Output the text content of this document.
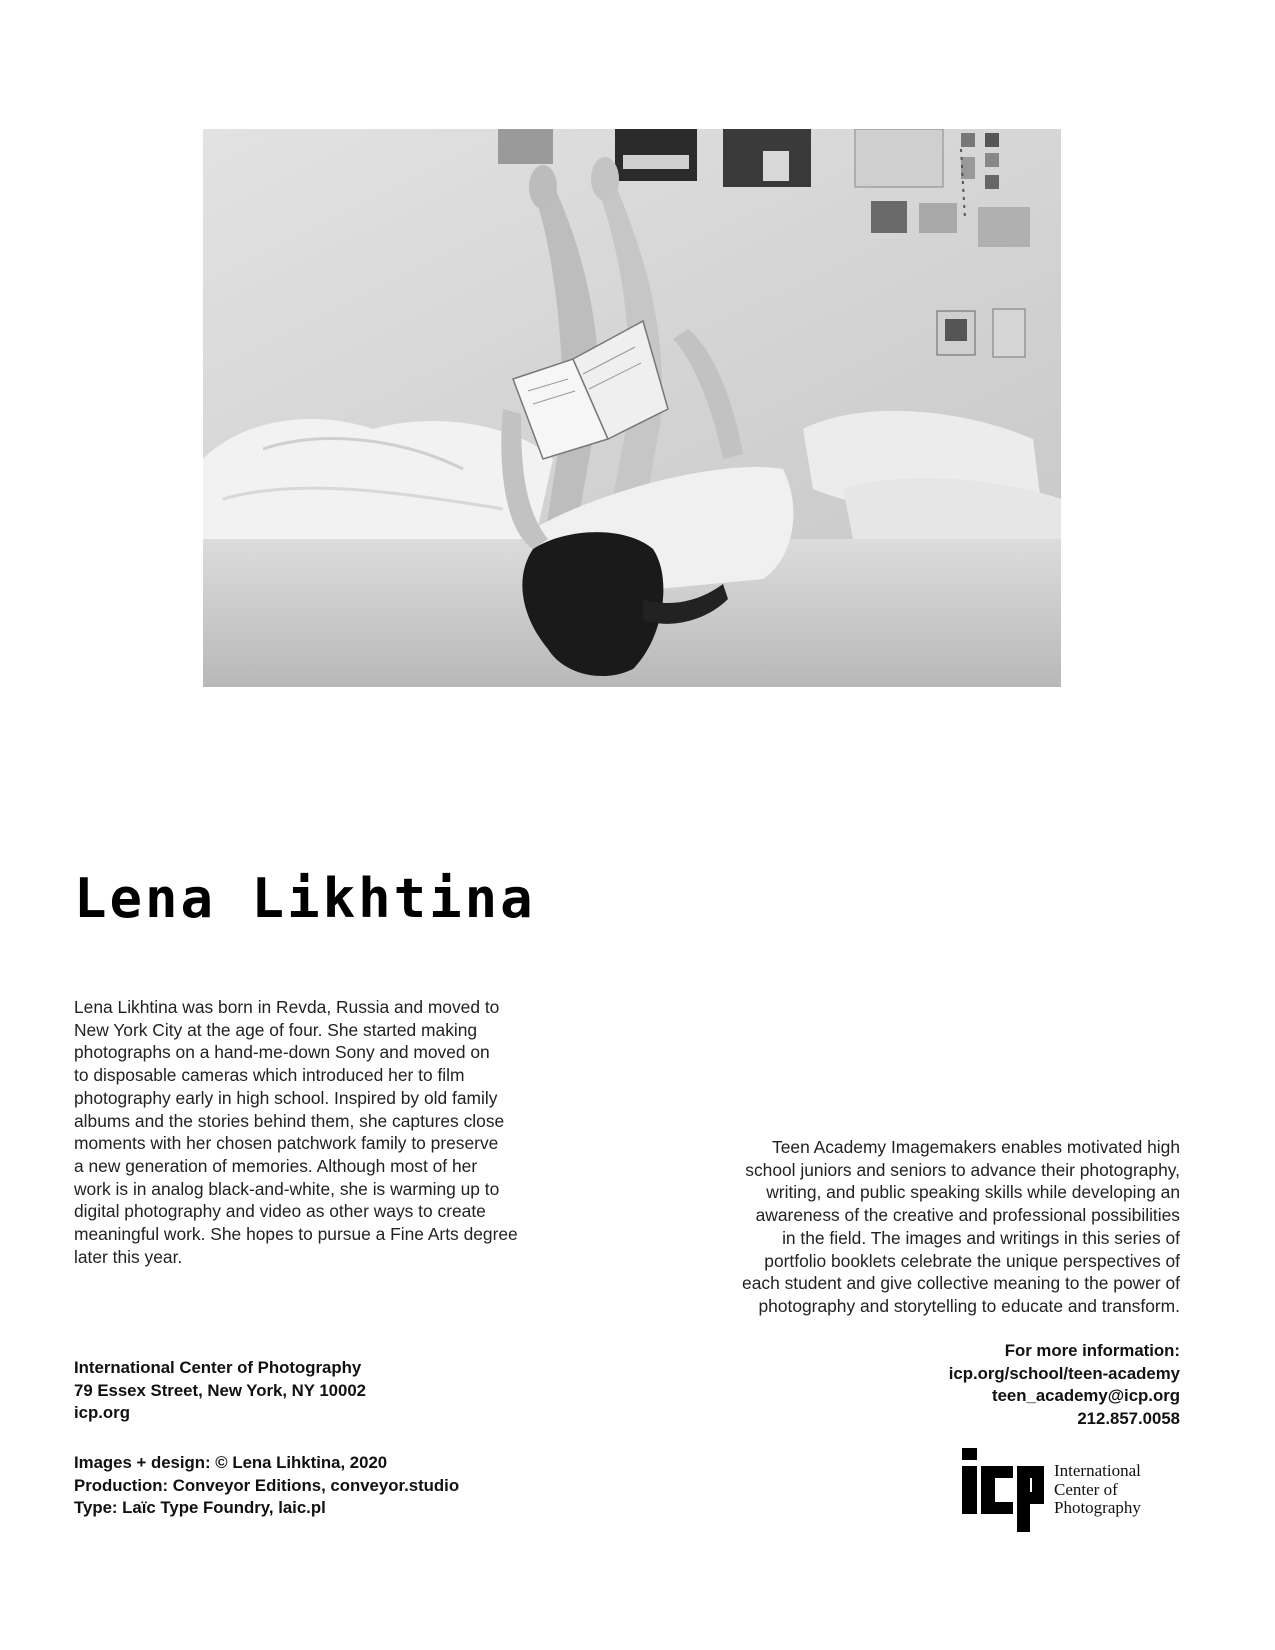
Lena Likhtina

Lena Likhtina was born in Revda, Russia and moved to
New York City at the age of four. She started making
photographs on a hand-me-down Sony and moved on
to disposable cameras which introduced her to film
photography early in high school. Inspired by old family
albums and the stories behind them, she captures close
moments with her chosen patchwork family to preserve
a new generation of memories. Although most of her
work is in analog black-and-white, she is warming up to
digital photography and video as other ways to create
meaningful work. She hopes to pursue a Fine Arts degree
later this year.

Teen Academy Imagemakers enables motivated high
school juniors and seniors to advance their photography,
writing, and public speaking skills while developing an
awareness of the creative and professional possibilities
in the field. The images and writings in this series of
portfolio booklets celebrate the unique perspectives of
each student and give collective meaning to the power of
photography and storytelling to educate and transform.

For more information:
icp.org/school/teen-academy
teen_academy@icp.org
212.857.0058
International Center of Photography
79 Essex Street, New York, NY 10002
icp.org
Images + design: © Lena Lihktina, 2020
Production: Conveyor Editions, conveyor.studio
Type: Laïc Type Foundry, laic.pl
International
Center of
Photography
